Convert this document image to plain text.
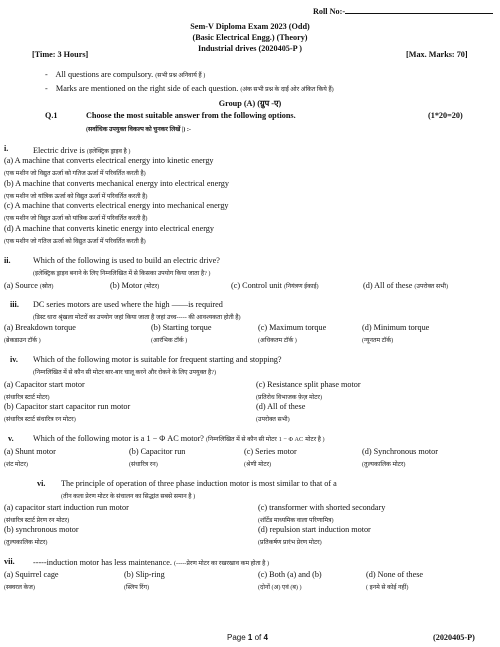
Roll No:-
Sem-V Diploma Exam 2023 (Odd)
(Basic Electrical Engg.) (Theory)
Industrial drives (2020405-P )
[Time: 3 Hours]	[Max. Marks: 70]
- All questions are compulsory. (सभी प्रश्न अनिवार्य हैं )
- Marks are mentioned on the right side of each question. (अंक सभी प्रश्न के दाईं ओर अंकित किये हैं)
Group (A) (ग्रुप -ए)
Q.1	Choose the most suitable answer from the following options.	(1*20=20)
(सर्वाधिक उपयुक्त विकल्प को चुनकर लिखें |) :-
i.	Electric drive is (इलेक्ट्रिक ड्राइव है )
(a) A machine that converts electrical energy into kinetic energy
(एक मशीन जो विद्युत ऊर्जा को गतिज ऊर्जा में परिवर्तित करती है)
(b) A machine that converts mechanical energy into electrical energy
(एक मशीन जो यांत्रिक ऊर्जा को विद्युत ऊर्जा में परिवर्तित करती है)
(c) A machine that converts electrical energy into mechanical energy
(एक मशीन जो विद्युत ऊर्जा को यांत्रिक ऊर्जा में परिवर्तित करती है)
(d) A machine that converts kinetic energy into electrical energy
(एक मशीन जो गतिज ऊर्जा को विद्युत ऊर्जा में परिवर्तित करती है)
ii.	Which of the following is used to build an electric drive?
(इलेक्ट्रिक ड्राइव बनाने के लिए निम्नलिखित में से किसका उपयोग किया जाता है? )
(a) Source (स्रोत)	(b) Motor (मोटर)	(c) Control unit (नियंत्रण ईकाई)	(d) All of these (उपरोक्त सभी)
iii. DC series motors are used where the high ——is required
(डिस्ट धारा श्रृंखला मोटरों का उपयोग जहां किया जाता है जहां उच्च----- की आवश्यकता होती है)
(a) Breakdown torque
(ब्रेकडाउन टॉर्क )
(b) Starting torque
(आरंभिक टॉर्क )
(c) Maximum torque
(अधिकतम टॉर्क )
(d) Minimum torque
(न्यूनतम टॉर्क)
iv. Which of the following motor is suitable for frequent starting and stopping?
(निम्नलिखित में से कौन सी मोटर बार-बार चालू करने और रोकने के लिए उपयुक्त है?)
(a) Capacitor start motor
(संधारित्र स्टार्ट मोटर)
(b) Capacitor start capacitor run motor
(संधारित्र स्टार्ट संधारित्र रन मोटर)
(c) Resistance split phase motor
(प्रतिरोध विभाजक फ़ेज़ मोटर)
(d) All of these
(उपरोक्त सभी)
v. Which of the following motor is a 1 − Φ AC motor? (निम्नलिखित में से कौन सी मोटर 1 − Φ AC मोटर है )
(a) Shunt motor
(शंट मोटर)
(b) Capacitor run
(संधारित्र रन)
(c) Series motor
(श्रेणी मोटर)
(d) Synchronous motor
(तुल्यकालिक मोटर)
vi. The principle of operation of three phase induction motor is most similar to that of a
(तीन कला प्रेरण मोटर के संचालन का सिद्धांत सबसे समान है )
(a) capacitor start induction run motor
(संधारित्र स्टार्ट प्रेरण रन मोटर)
(b) synchronous motor
(तुल्यकालिक मोटर)
(c) transformer with shorted secondary
(शॉर्टेड माध्यमिक वाला परिणामित्र)
(d) repulsion start induction motor
(प्रतिकर्षण प्रारंभ प्रेरण मोटर)
vii. -----induction motor has less maintenance. (-----प्रेरण मोटर का रखरखाव कम होता है )
(a) Squirrel cage
(स्क्वरल केज)
(b) Slip-ring
(स्लिप रिंग)
(c) Both (a) and (b)
(दोनों (अ) एवं (ब) )
(d) None of these
( इनमे से कोई नहीं)
Page 1 of 4	(2020405-P)
